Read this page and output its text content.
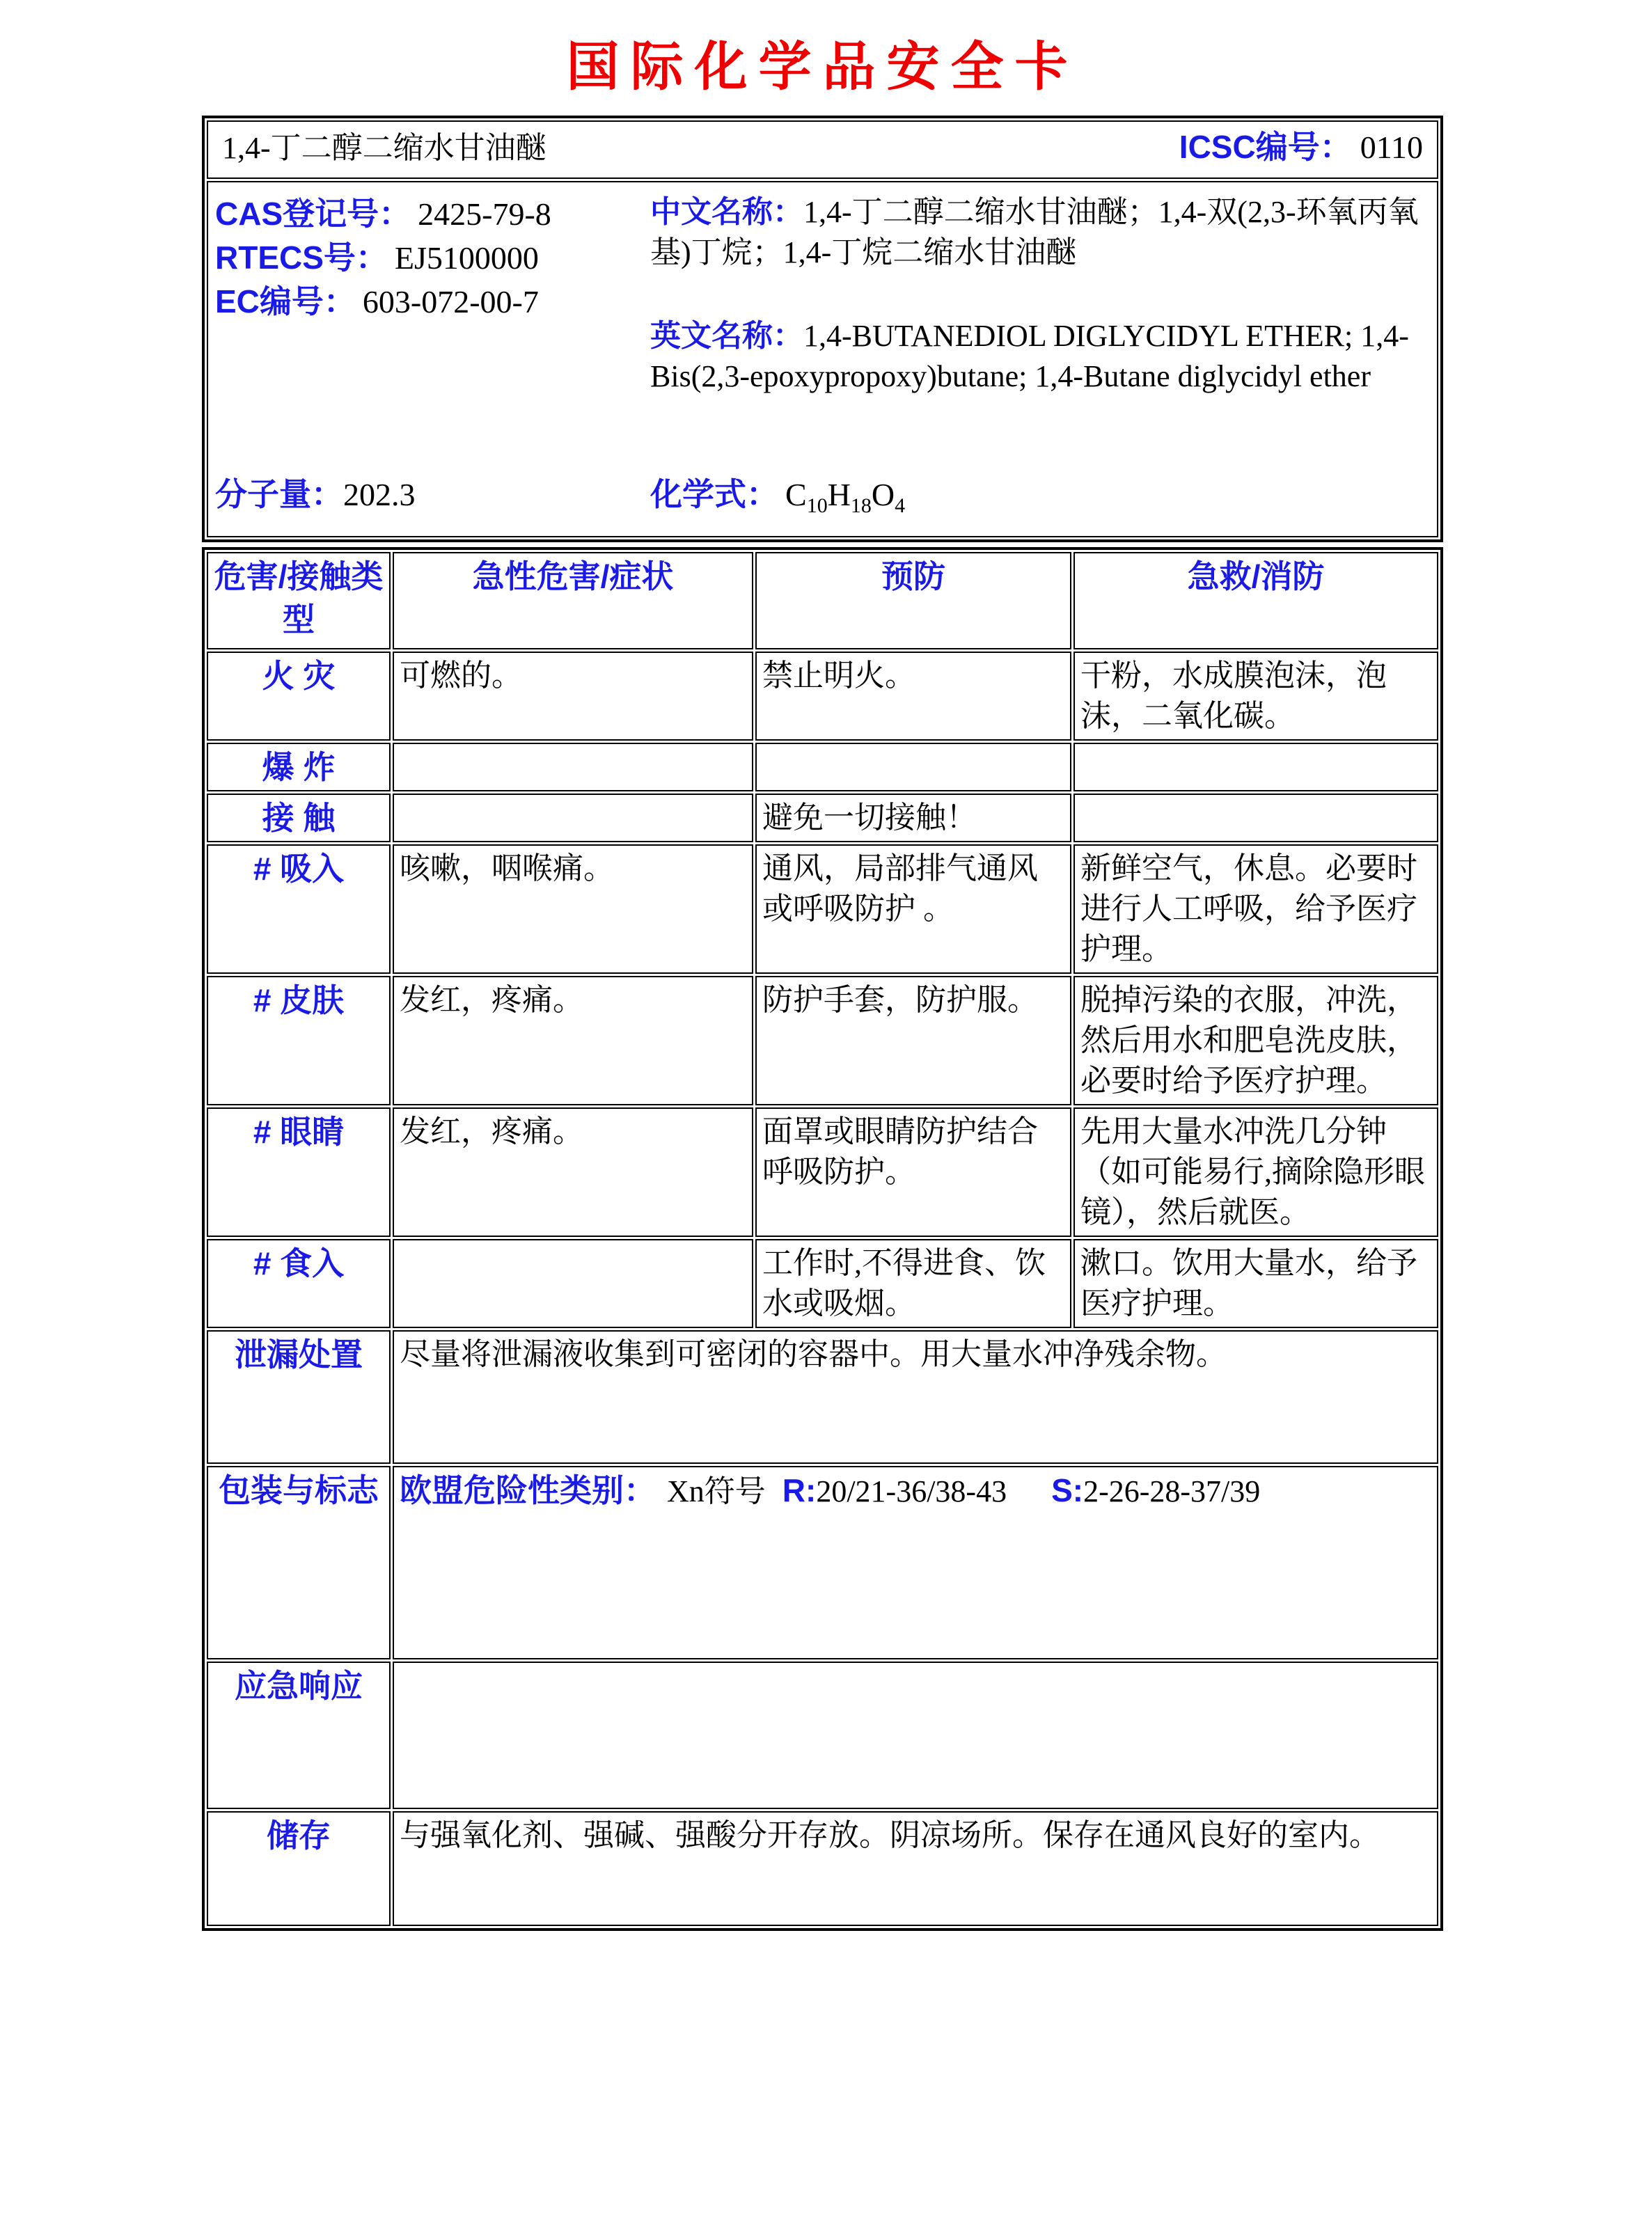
国际化学品安全卡
1,4-丁二醇二缩水甘油醚	ICSC编号： 0110

CAS登记号： 2425-79-8
RTECS号： EJ5100000
EC编号： 603-072-00-7

中文名称：1,4-丁二醇二缩水甘油醚；1,4-双(2,3-环氧丙氧基)丁烷；1,4-丁烷二缩水甘油醚

英文名称：1,4-BUTANEDIOL DIGLYCIDYL ETHER; 1,4-Bis(2,3-epoxypropoxy)butane; 1,4-Butane diglycidyl ether

分子量：202.3	化学式： $C_{10}H_{18}O_4$
危害/接触类型	急性危害/症状	预防	急救/消防
火 灾	可燃的。	禁止明火。	干粉，水成膜泡沫，泡沫，二氧化碳。
爆 炸			
接 触		避免一切接触！	
# 吸入	咳嗽，咽喉痛。	通风，局部排气通风或呼吸防护 。	新鲜空气，休息。必要时进行人工呼吸，给予医疗护理。
# 皮肤	发红，疼痛。	防护手套，防护服。	脱掉污染的衣服，冲洗，然后用水和肥皂洗皮肤，必要时给予医疗护理。
# 眼睛	发红，疼痛。	面罩或眼睛防护结合呼吸防护。	先用大量水冲洗几分钟（如可能易行,摘除隐形眼镜），然后就医。
# 食入		工作时,不得进食、饮水或吸烟。	漱口。饮用大量水，给予医疗护理。
泄漏处置	尽量将泄漏液收集到可密闭的容器中。用大量水冲净残余物。		
包装与标志	欧盟危险性类别： Xn符号 R:20/21-36/38-43 S:2-26-28-37/39		

应急响应			
储存	与强氧化剂、强碱、强酸分开存放。阴凉场所。保存在通风良好的室内。		
